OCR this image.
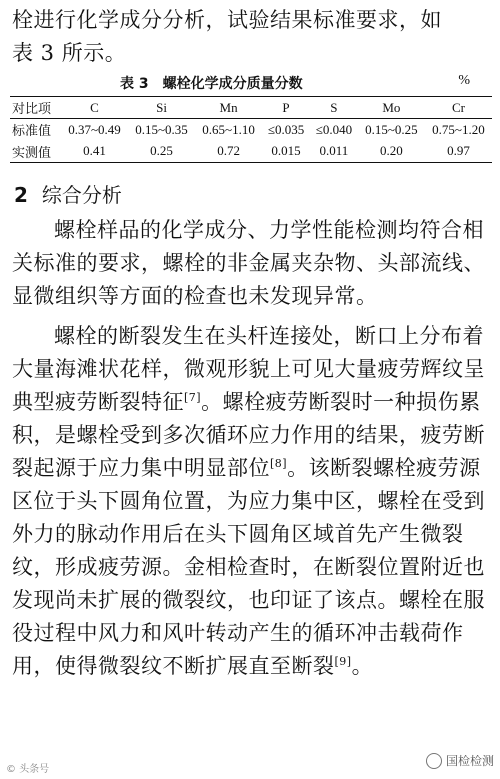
栓进行化学成分分析，试验结果标准要求，如

表 3 所示。

表 3　螺栓化学成分质量分数	%
对比项	C	Si	Mn	P	S	Mo	Cr
标准值	0.37~0.49	0.15~0.35	0.65~1.10	≤0.035	≤0.040	0.15~0.25	0.75~1.20
实测值	0.41	0.25	0.72	0.015	0.011	0.20	0.97
2 综合分析

螺栓样品的化学成分、力学性能检测均符合相关标准的要求，螺栓的非金属夹杂物、头部流线、显微组织等方面的检查也未发现异常。

螺栓的断裂发生在头杆连接处，断口上分布着大量海滩状花样，微观形貌上可见大量疲劳辉纹呈典型疲劳断裂特征[7]。螺栓疲劳断裂时一种损伤累积，是螺栓受到多次循环应力作用的结果，疲劳断裂起源于应力集中明显部位[8]。该断裂螺栓疲劳源区位于头下圆角位置，为应力集中区，螺栓在受到外力的脉动作用后在头下圆角区域首先产生微裂纹，形成疲劳源。金相检查时，在断裂位置附近也发现尚未扩展的微裂纹，也印证了该点。螺栓在服役过程中风力和风叶转动产生的循环冲击载荷作用，使得微裂纹不断扩展直至断裂[9]。

© 头条号
国检检测
